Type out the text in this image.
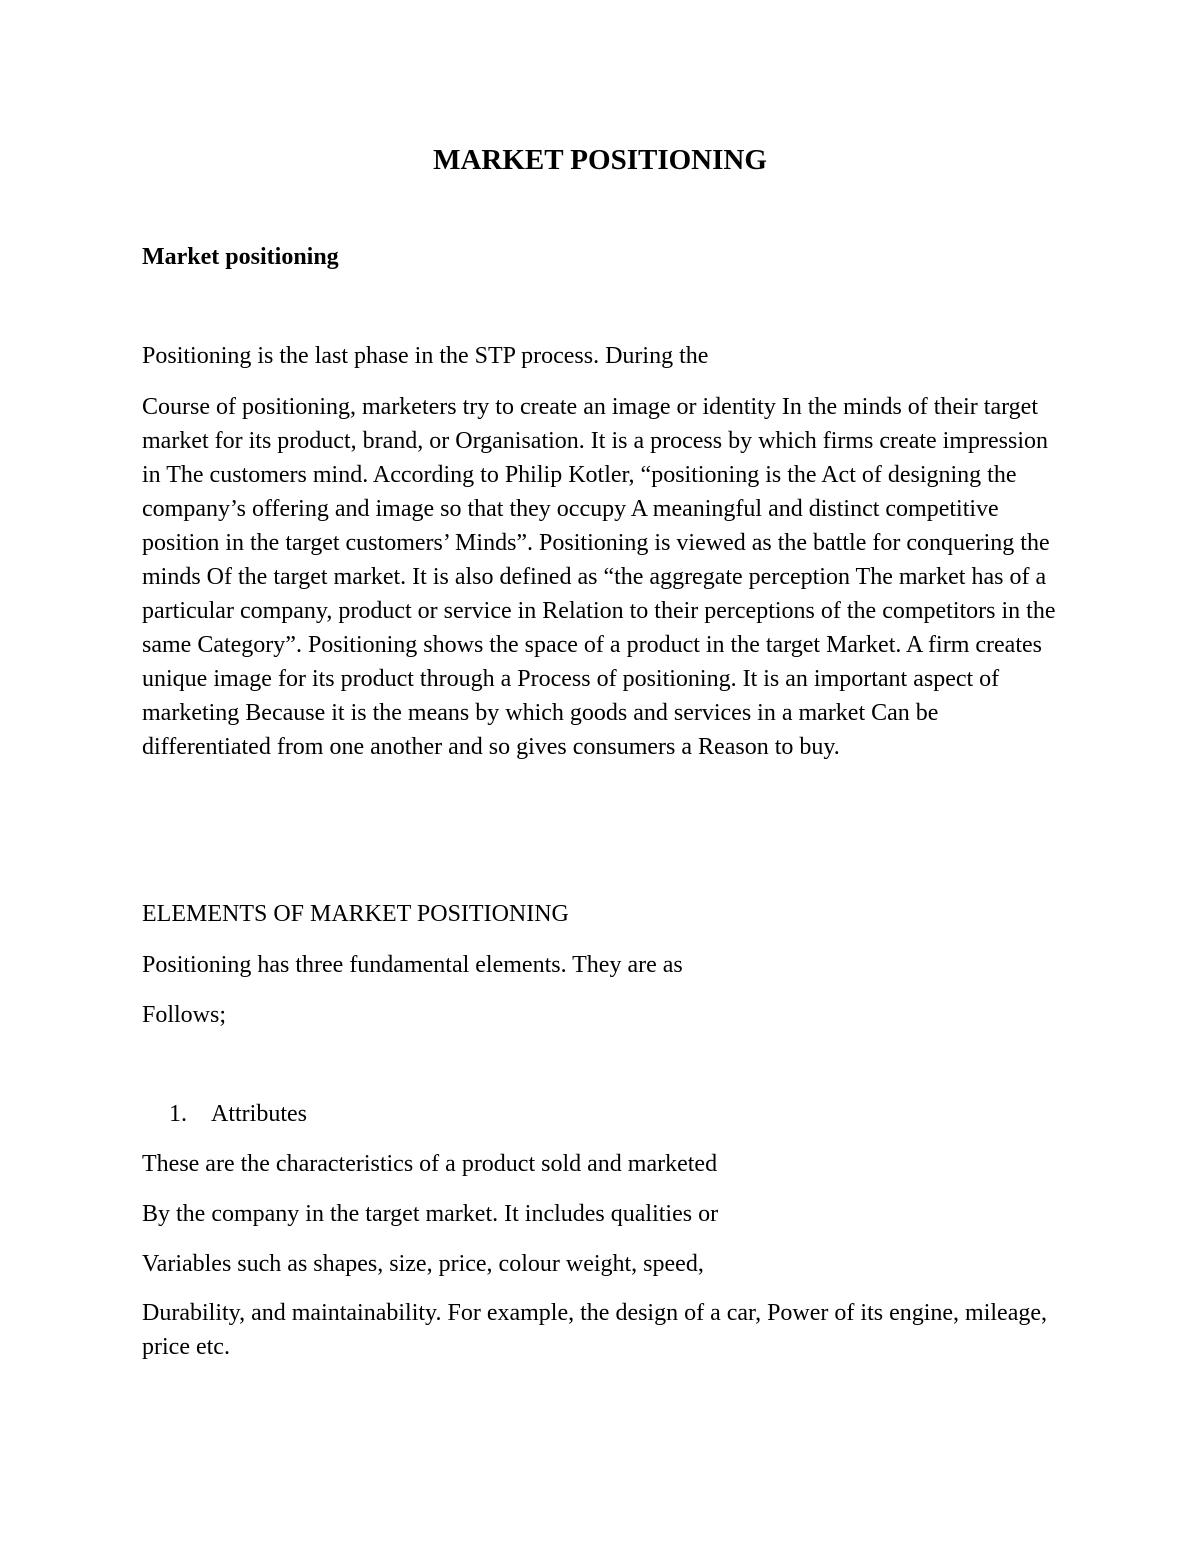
MARKET POSITIONING

Market positioning

Positioning is the last phase in the STP process. During the

Course of positioning, marketers try to create an image or identity In the minds of their target market for its product, brand, or Organisation. It is a process by which firms create impression in The customers mind. According to Philip Kotler, “positioning is the Act of designing the company’s offering and image so that they occupy A meaningful and distinct competitive position in the target customers’ Minds”. Positioning is viewed as the battle for conquering the minds Of the target market. It is also defined as “the aggregate perception The market has of a particular company, product or service in Relation to their perceptions of the competitors in the same Category”. Positioning shows the space of a product in the target Market. A firm creates unique image for its product through a Process of positioning. It is an important aspect of marketing Because it is the means by which goods and services in a market Can be differentiated from one another and so gives consumers a Reason to buy.

ELEMENTS OF MARKET POSITIONING

Positioning has three fundamental elements. They are as

Follows;

1. Attributes

These are the characteristics of a product sold and marketed

By the company in the target market. It includes qualities or

Variables such as shapes, size, price, colour weight, speed,

Durability, and maintainability. For example, the design of a car, Power of its engine, mileage, price etc.
